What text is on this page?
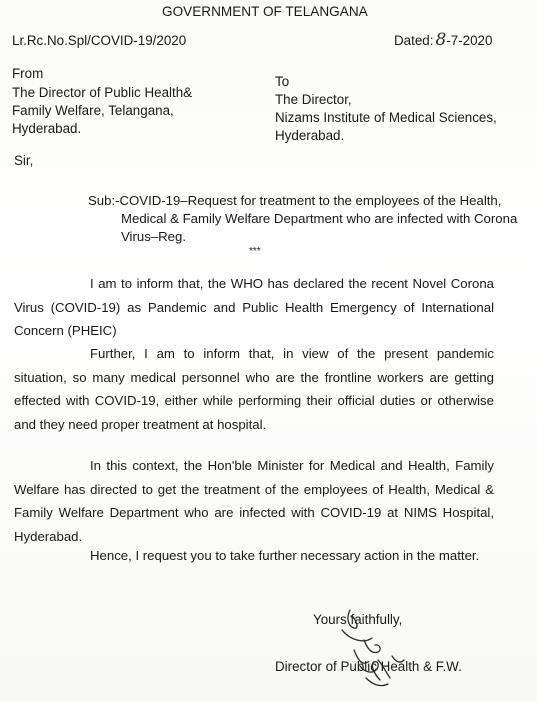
GOVERNMENT OF TELANGANA
Lr.Rc.No.Spl/COVID-19/2020	Dated: 8-7-2020
From
The Director of Public Health&
Family Welfare, Telangana,
Hyderabad.
To
The Director,
Nizams Institute of Medical Sciences,
Hyderabad.
Sir,
Sub:-COVID-19–Request for treatment to the employees of the Health,
Medical & Family Welfare Department who are infected with Corona
Virus–Reg.
***
I am to inform that, the WHO has declared the recent Novel Corona Virus (COVID-19) as Pandemic and Public Health Emergency of International Concern (PHEIC)
Further, I am to inform that, in view of the present pandemic situation, so many medical personnel who are the frontline workers are getting effected with COVID-19, either while performing their official duties or otherwise and they need proper treatment at hospital.
In this context, the Hon'ble Minister for Medical and Health, Family Welfare has directed to get the treatment of the employees of Health, Medical & Family Welfare Department who are infected with COVID-19 at NIMS Hospital, Hyderabad.
Hence, I request you to take further necessary action in the matter.
Yours faithfully,
Director of Public Health & F.W.
